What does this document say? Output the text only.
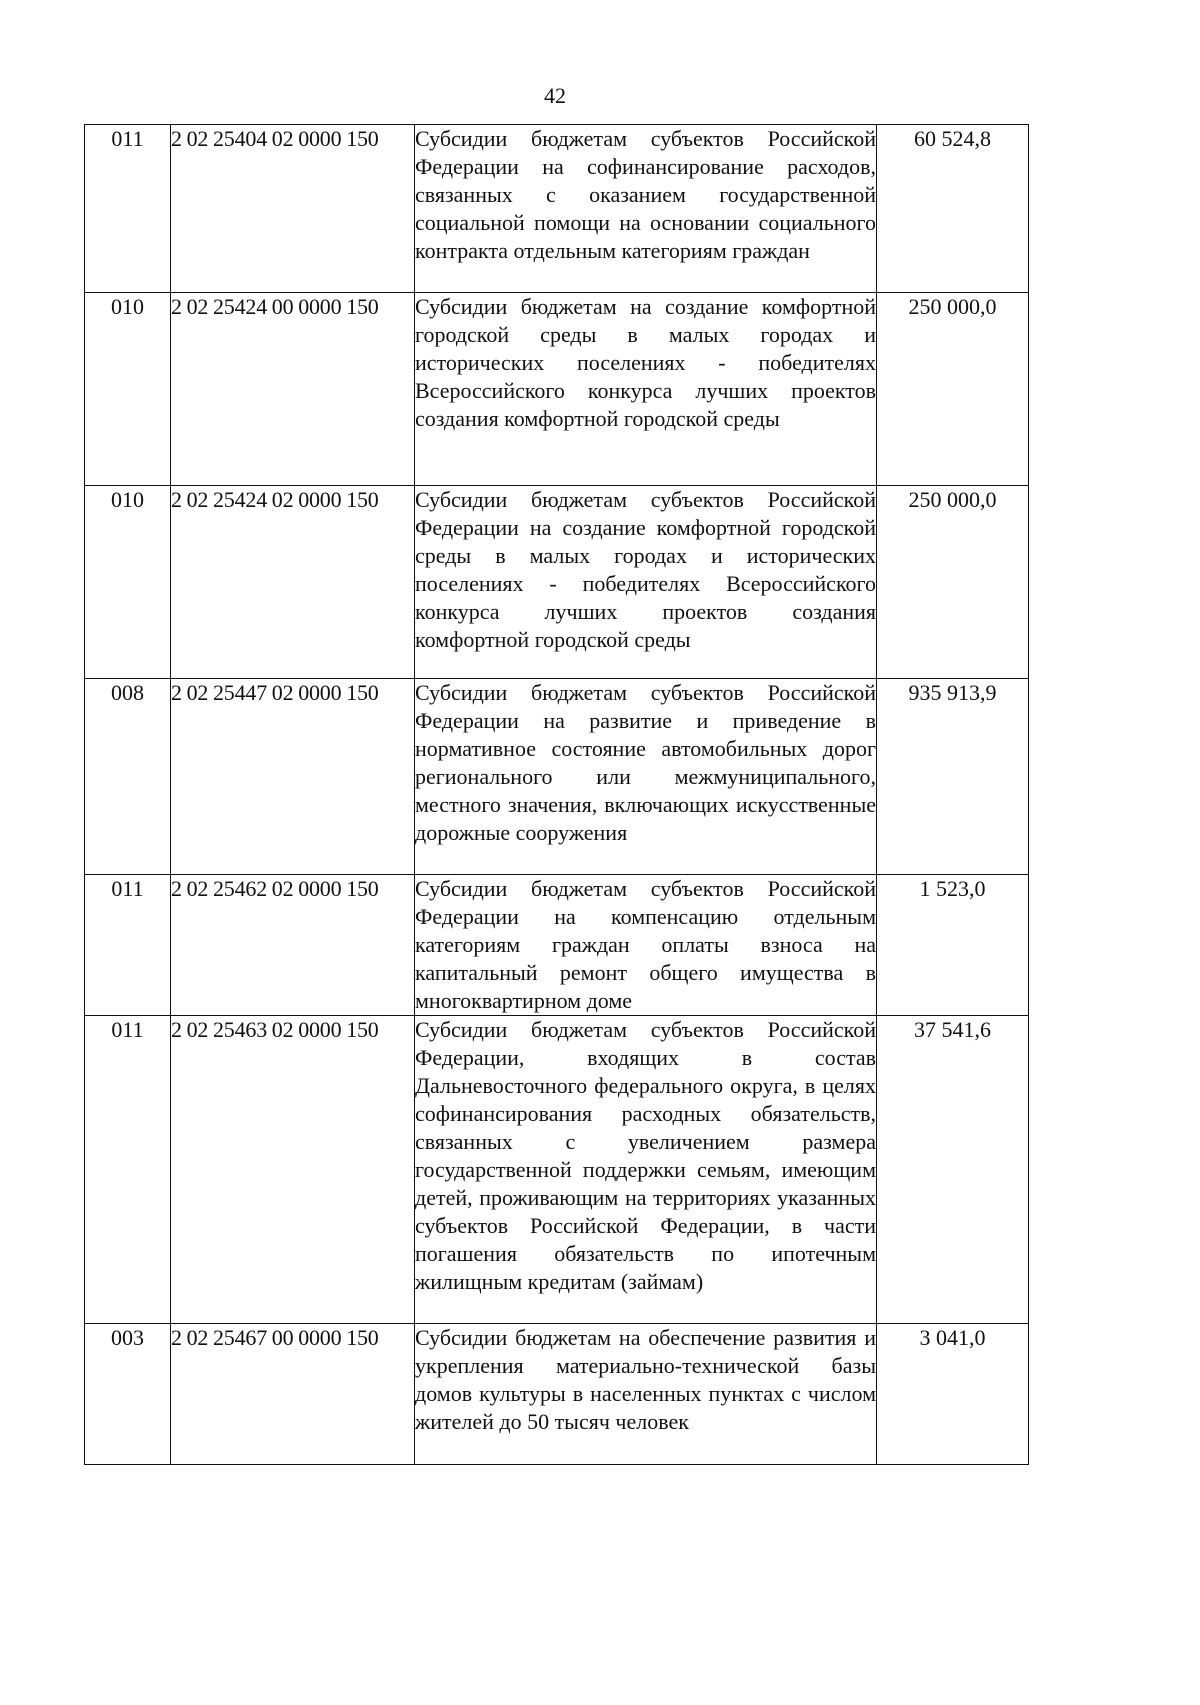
42
011	2 02 25404 02 0000 150	Субсидии бюджетам субъектов Российской Федерации на софинансирование расходов, связанных с оказанием государственной социальной помощи на основании социального контракта отдельным категориям граждан	60 524,8
010	2 02 25424 00 0000 150	Субсидии бюджетам на создание комфортной городской среды в малых городах и исторических поселениях - победителях Всероссийского конкурса лучших проектов создания комфортной городской среды	250 000,0
010	2 02 25424 02 0000 150	Субсидии бюджетам субъектов Российской Федерации на создание комфортной городской среды в малых городах и исторических поселениях - победителях Всероссийского конкурса лучших проектов создания комфортной городской среды	250 000,0
008	2 02 25447 02 0000 150	Субсидии бюджетам субъектов Российской Федерации на развитие и приведение в нормативное состояние автомобильных дорог регионального или межмуниципального, местного значения, включающих искусственные дорожные сооружения	935 913,9
011	2 02 25462 02 0000 150	Субсидии бюджетам субъектов Российской Федерации на компенсацию отдельным категориям граждан оплаты взноса на капитальный ремонт общего имущества в многоквартирном доме	1 523,0
011	2 02 25463 02 0000 150	Субсидии бюджетам субъектов Российской Федерации, входящих в состав Дальневосточного федерального округа, в целях софинансирования расходных обязательств, связанных с увеличением размера государственной поддержки семьям, имеющим детей, проживающим на территориях указанных субъектов Российской Федерации, в части погашения обязательств по ипотечным жилищным кредитам (займам)	37 541,6
003	2 02 25467 00 0000 150	Субсидии бюджетам на обеспечение развития и укрепления материально-технической базы домов культуры в населенных пунктах с числом жителей до 50 тысяч человек	3 041,0
